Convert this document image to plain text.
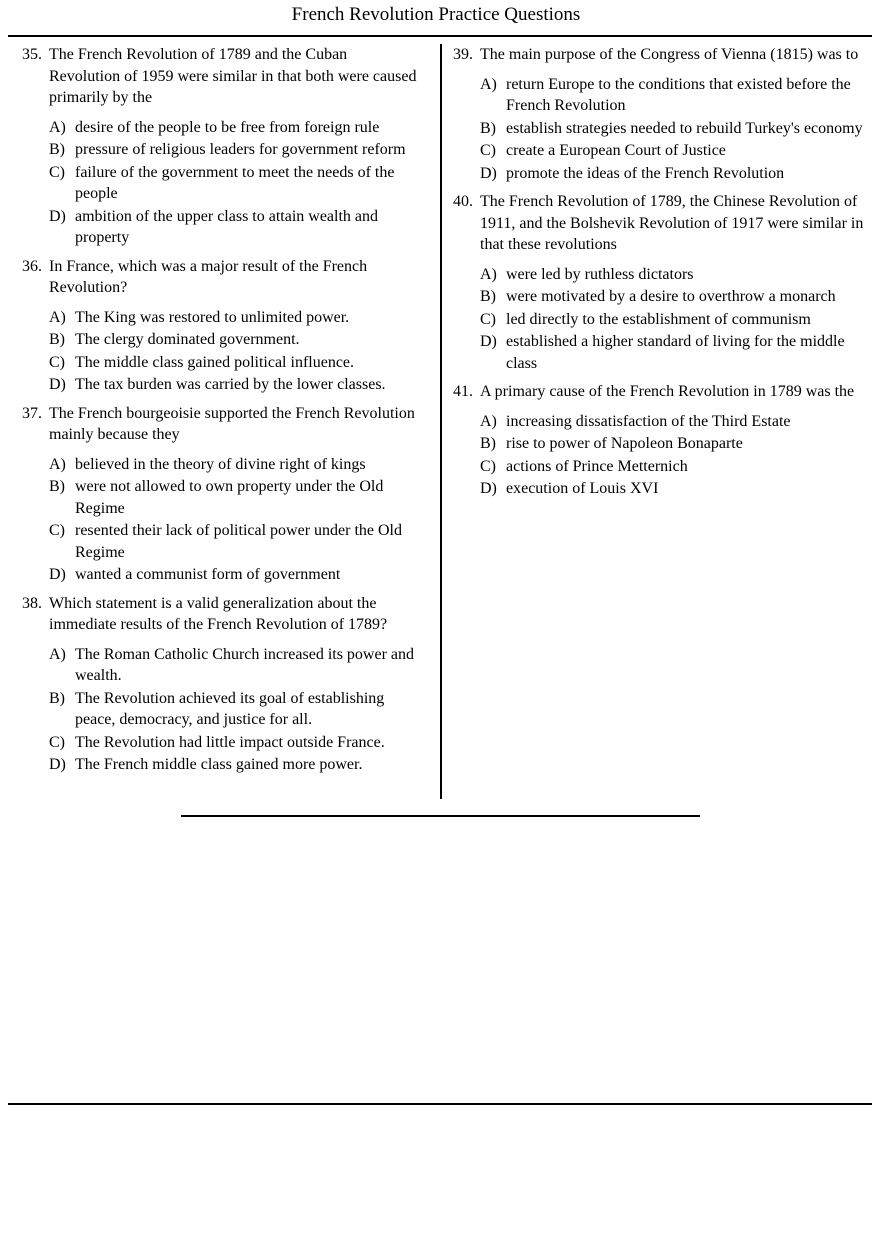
French Revolution Practice Questions
35. The French Revolution of 1789 and the Cuban Revolution of 1959 were similar in that both were caused primarily by the
A) desire of the people to be free from foreign rule
B) pressure of religious leaders for government reform
C) failure of the government to meet the needs of the people
D) ambition of the upper class to attain wealth and property
36. In France, which was a major result of the French Revolution?
A) The King was restored to unlimited power.
B) The clergy dominated government.
C) The middle class gained political influence.
D) The tax burden was carried by the lower classes.
37. The French bourgeoisie supported the French Revolution mainly because they
A) believed in the theory of divine right of kings
B) were not allowed to own property under the Old Regime
C) resented their lack of political power under the Old Regime
D) wanted a communist form of government
38. Which statement is a valid generalization about the immediate results of the French Revolution of 1789?
A) The Roman Catholic Church increased its power and wealth.
B) The Revolution achieved its goal of establishing peace, democracy, and justice for all.
C) The Revolution had little impact outside France.
D) The French middle class gained more power.
39. The main purpose of the Congress of Vienna (1815) was to
A) return Europe to the conditions that existed before the French Revolution
B) establish strategies needed to rebuild Turkey's economy
C) create a European Court of Justice
D) promote the ideas of the French Revolution
40. The French Revolution of 1789, the Chinese Revolution of 1911, and the Bolshevik Revolution of 1917 were similar in that these revolutions
A) were led by ruthless dictators
B) were motivated by a desire to overthrow a monarch
C) led directly to the establishment of communism
D) established a higher standard of living for the middle class
41. A primary cause of the French Revolution in 1789 was the
A) increasing dissatisfaction of the Third Estate
B) rise to power of Napoleon Bonaparte
C) actions of Prince Metternich
D) execution of Louis XVI
